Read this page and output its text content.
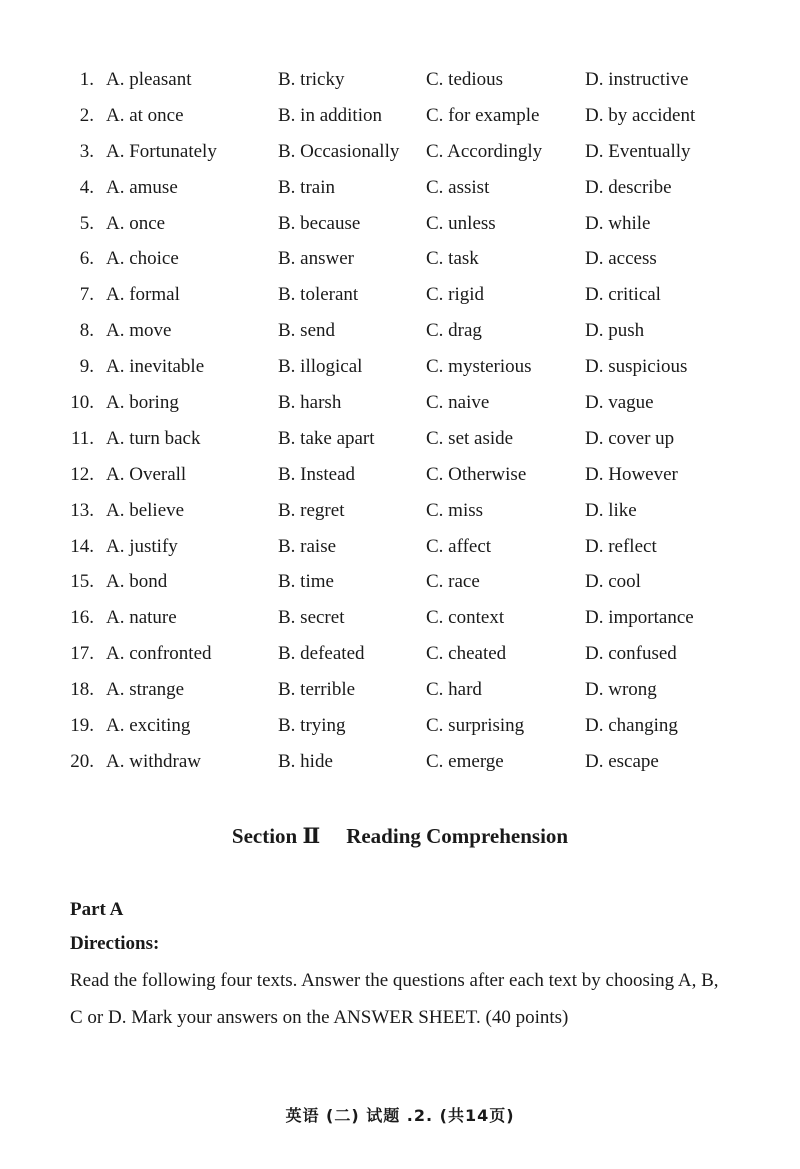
1. A. pleasant	B. tricky	C. tedious	D. instructive
2. A. at once	B. in addition C. for example D. by accident
3. A. Fortunately	B. Occasionally C. Accordingly D. Eventually
4. A. amuse	B. train	C. assist	D. describe
5. A. once	B. because	C. unless	D. while
6. A. choice	B. answer	C. task	D. access
7. A. formal	B. tolerant	C. rigid	D. critical
8. A. move	B. send	C. drag	D. push
9. A. inevitable	B. illogical	C. mysterious	D. suspicious
10. A. boring	B. harsh	C. naive	D. vague
11. A. turn back	B. take apart	C. set aside	D. cover up
12. A. Overall	B. Instead	C. Otherwise	D. However
13. A. believe	B. regret	C. miss	D. like
14. A. justify	B. raise	C. affect	D. reflect
15. A. bond	B. time	C. race	D. cool
16. A. nature	B. secret	C. context	D. importance
17. A. confronted	B. defeated	C. cheated	D. confused
18. A. strange	B. terrible	C. hard	D. wrong
19. A. exciting	B. trying	C. surprising	D. changing
20. A. withdraw	B. hide	C. emerge	D. escape
Section Ⅱ Reading Comprehension
Part A
Directions:
Read the following four texts. Answer the questions after each text by choosing A, B, C or D. Mark your answers on the ANSWER SHEET. (40 points)
英语 (二) 试题 .2. (共14页)
